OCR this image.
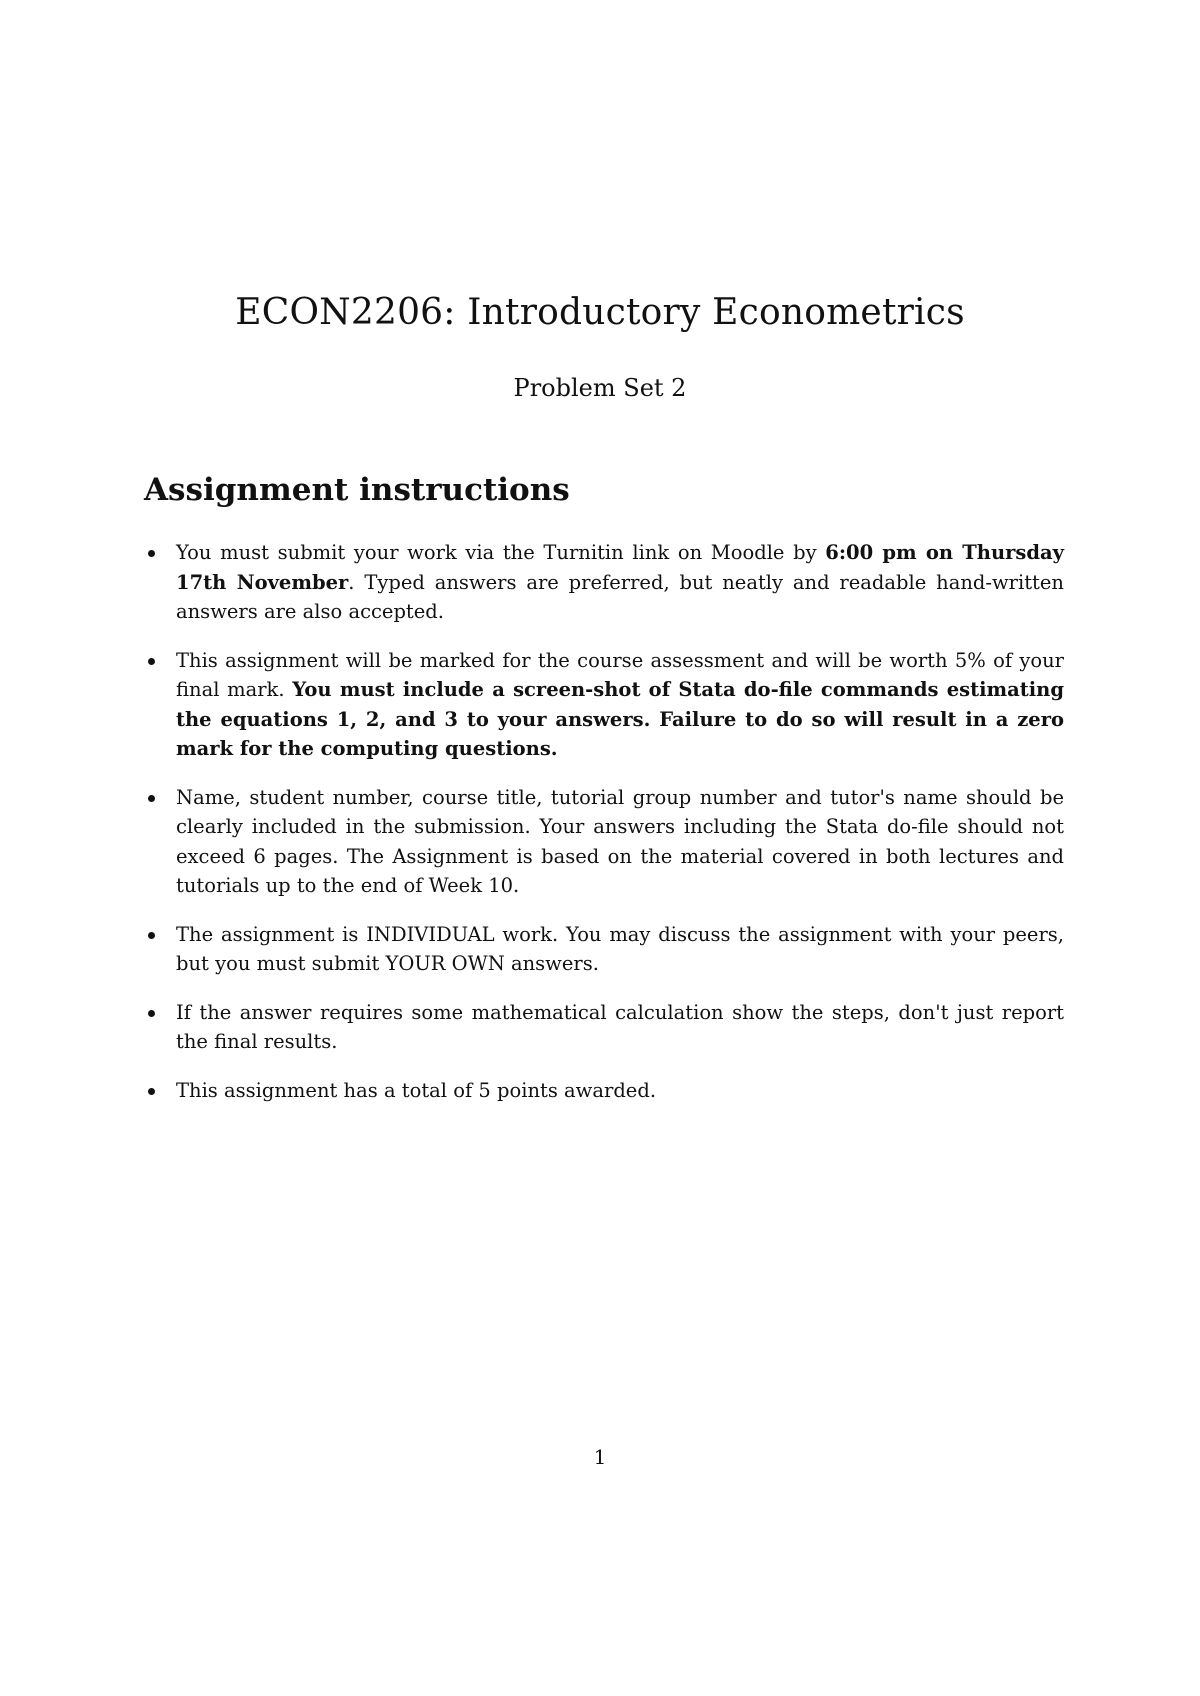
ECON2206: Introductory Econometrics
Problem Set 2
Assignment instructions
You must submit your work via the Turnitin link on Moodle by 6:00 pm on Thursday 17th November. Typed answers are preferred, but neatly and readable hand-written answers are also accepted.
This assignment will be marked for the course assessment and will be worth 5% of your final mark. You must include a screen-shot of Stata do-file commands estimating the equations 1, 2, and 3 to your answers. Failure to do so will result in a zero mark for the computing questions.
Name, student number, course title, tutorial group number and tutor's name should be clearly included in the submission. Your answers including the Stata do-file should not exceed 6 pages. The Assignment is based on the material covered in both lectures and tutorials up to the end of Week 10.
The assignment is INDIVIDUAL work. You may discuss the assignment with your peers, but you must submit YOUR OWN answers.
If the answer requires some mathematical calculation show the steps, don't just report the final results.
This assignment has a total of 5 points awarded.
1
